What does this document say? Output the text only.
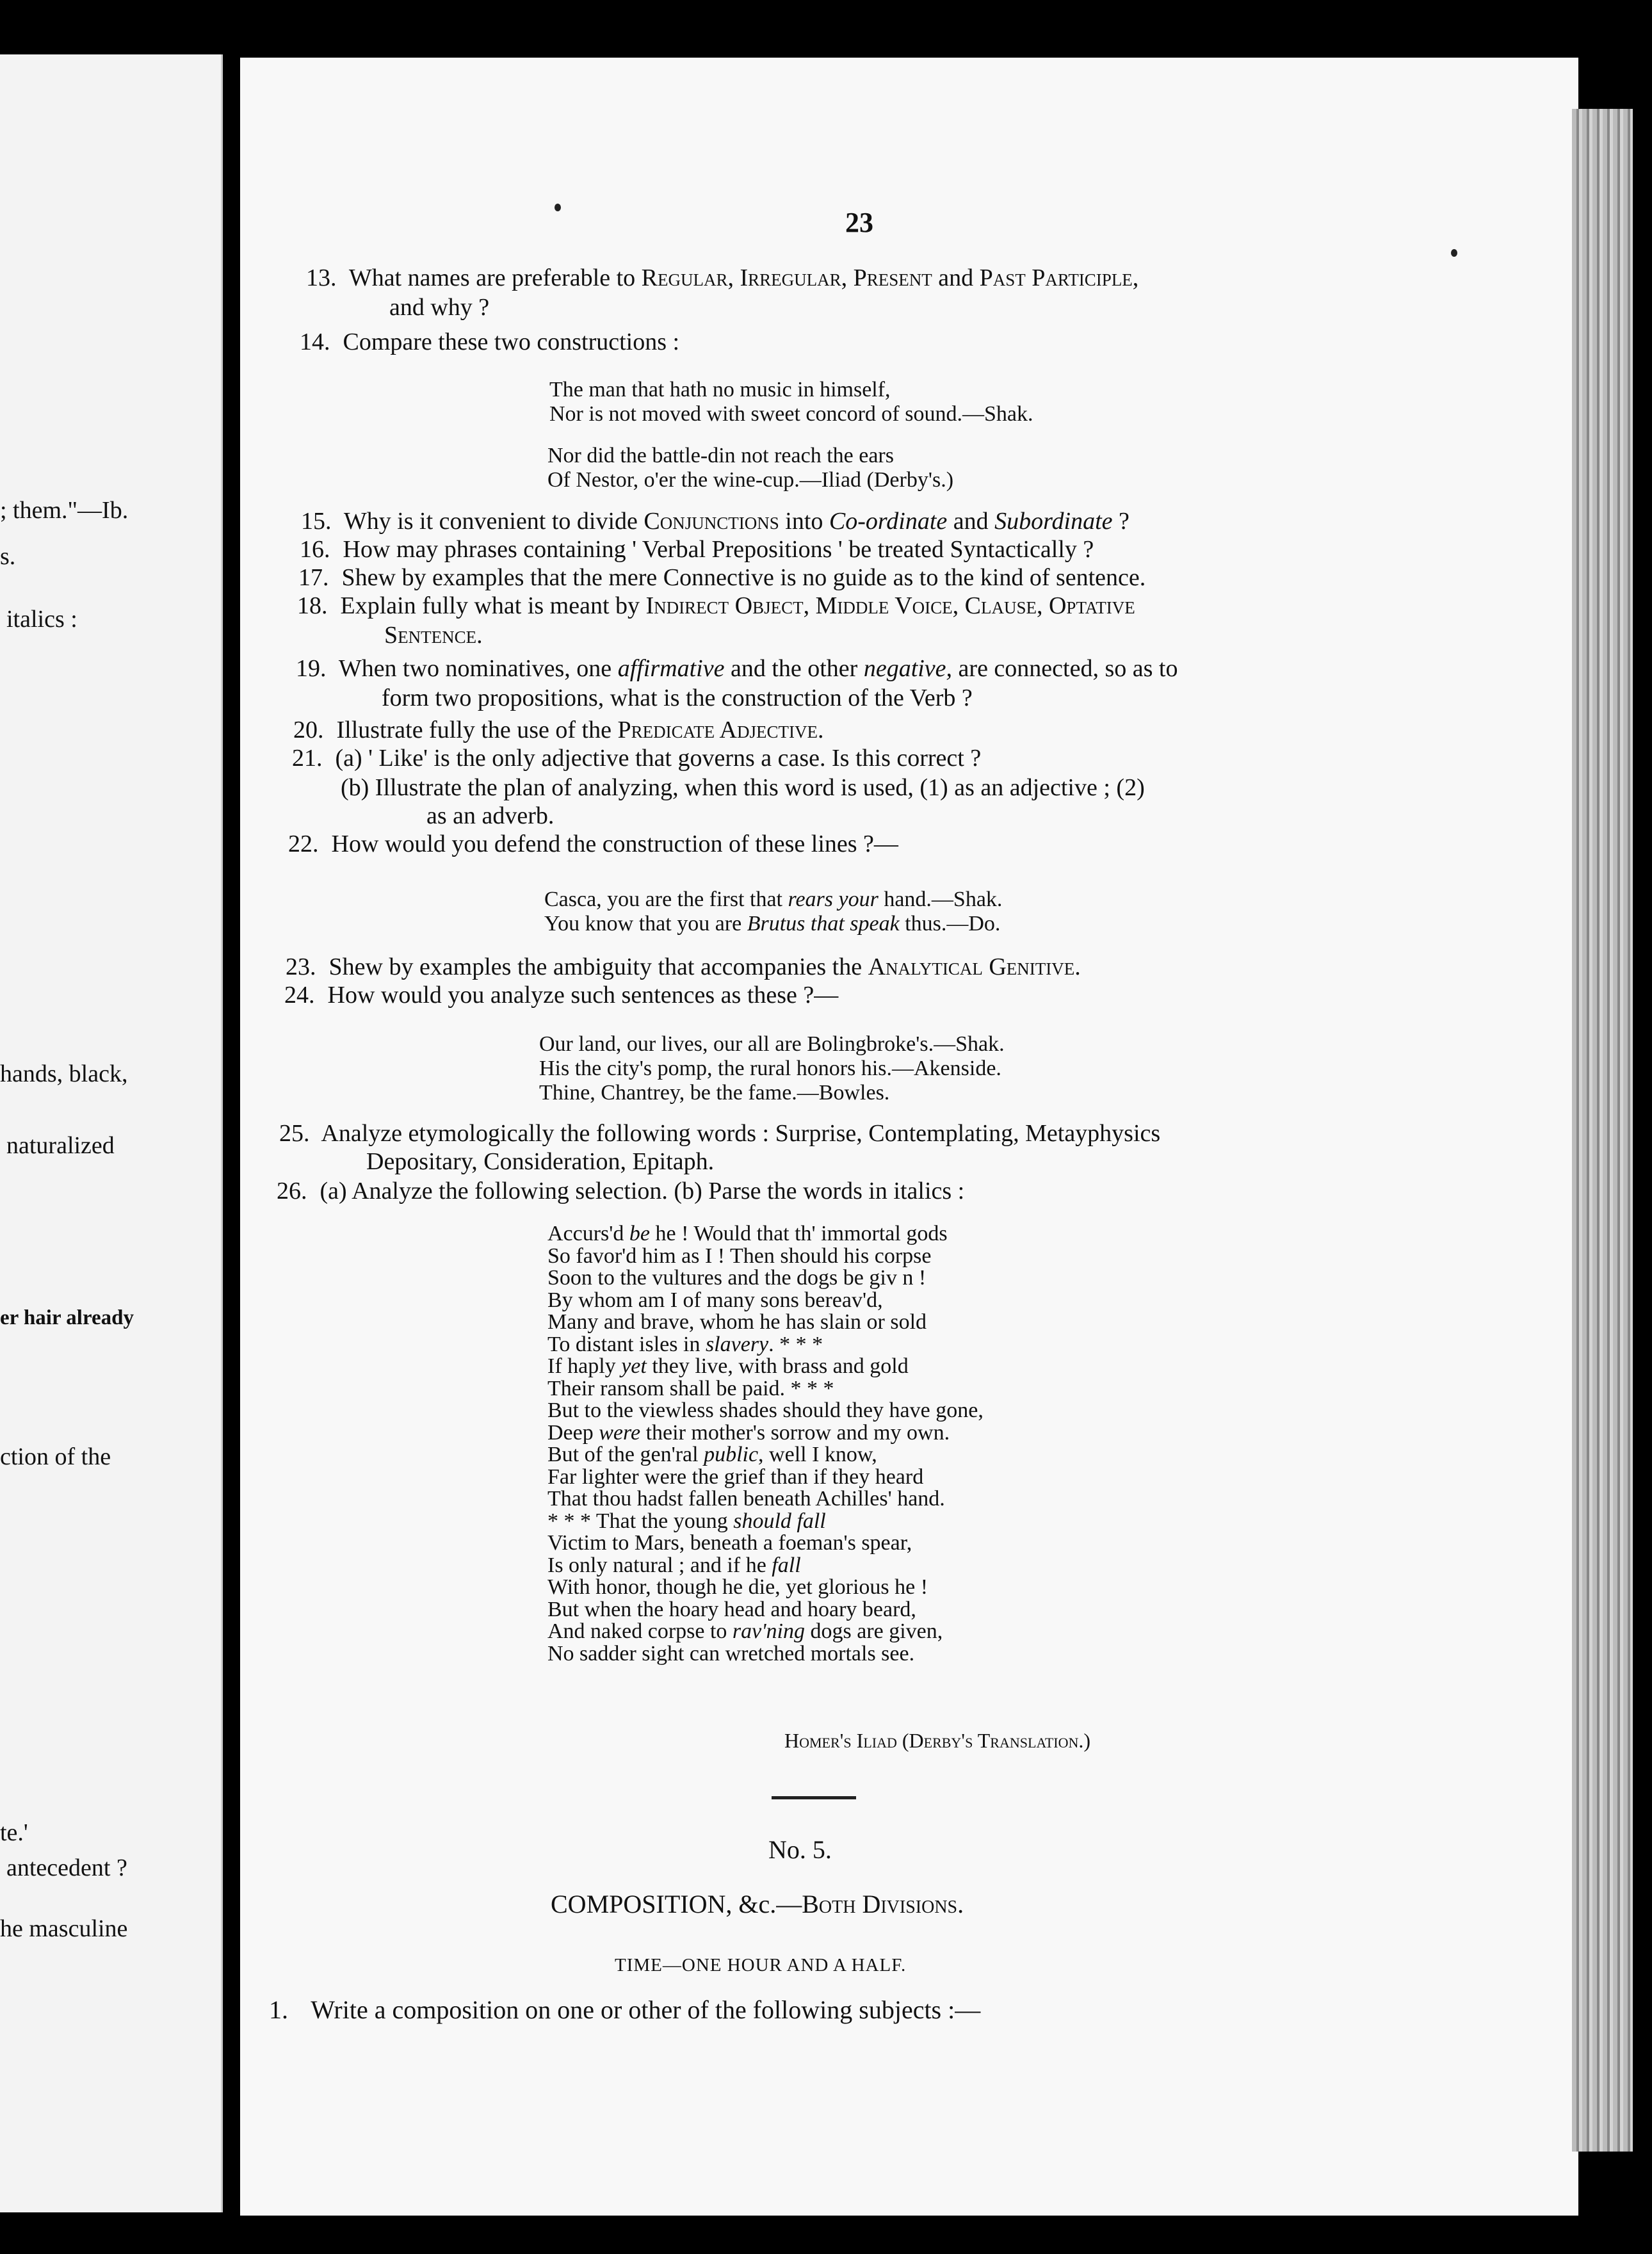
; them."—Ib.
s.
italics :
hands, black,
naturalized
er hair already
ction of the
te.'
antecedent ?
he masculine
23
13. What names are preferable to Regular, Irregular, Present and Past Participle,
and why ?
14. Compare these two constructions :
The man that hath no music in himself,
Nor is not moved with sweet concord of sound.—Shak.
Nor did the battle-din not reach the ears
Of Nestor, o'er the wine-cup.—Iliad (Derby's.)
15. Why is it convenient to divide Conjunctions into Co-ordinate and Subordinate ?
16. How may phrases containing ' Verbal Prepositions ' be treated Syntactically ?
17. Shew by examples that the mere Connective is no guide as to the kind of sentence.
18. Explain fully what is meant by Indirect Object, Middle Voice, Clause, Optative
Sentence.
19. When two nominatives, one affirmative and the other negative, are connected, so as to
form two propositions, what is the construction of the Verb ?
20. Illustrate fully the use of the Predicate Adjective.
21. (a) ' Like' is the only adjective that governs a case. Is this correct ?
(b) Illustrate the plan of analyzing, when this word is used, (1) as an adjective ; (2)
as an adverb.
22. How would you defend the construction of these lines ?—
Casca, you are the first that rears your hand.—Shak.
You know that you are Brutus that speak thus.—Do.
23. Shew by examples the ambiguity that accompanies the Analytical Genitive.
24. How would you analyze such sentences as these ?—
Our land, our lives, our all are Bolingbroke's.—Shak.
His the city's pomp, the rural honors his.—Akenside.
Thine, Chantrey, be the fame.—Bowles.
25. Analyze etymologically the following words : Surprise, Contemplating, Metayphysics
Depositary, Consideration, Epitaph.
26. (a) Analyze the following selection. (b) Parse the words in italics :
Accurs'd be he ! Would that th' immortal gods
So favor'd him as I ! Then should his corpse
Soon to the vultures and the dogs be giv n !
By whom am I of many sons bereav'd,
Many and brave, whom he has slain or sold
To distant isles in slavery. * * *
If haply yet they live, with brass and gold
Their ransom shall be paid. * * *
But to the viewless shades should they have gone,
Deep were their mother's sorrow and my own.
But of the gen'ral public, well I know,
Far lighter were the grief than if they heard
That thou hadst fallen beneath Achilles' hand.
* * * That the young should fall
Victim to Mars, beneath a foeman's spear,
Is only natural ; and if he fall
With honor, though he die, yet glorious he !
But when the hoary head and hoary beard,
And naked corpse to rav'ning dogs are given,
No sadder sight can wretched mortals see.
Homer's Iliad (Derby's Translation.)
No. 5.
COMPOSITION, &c.—Both Divisions.
TIME—ONE HOUR AND A HALF.
1. Write a composition on one or other of the following subjects :—
